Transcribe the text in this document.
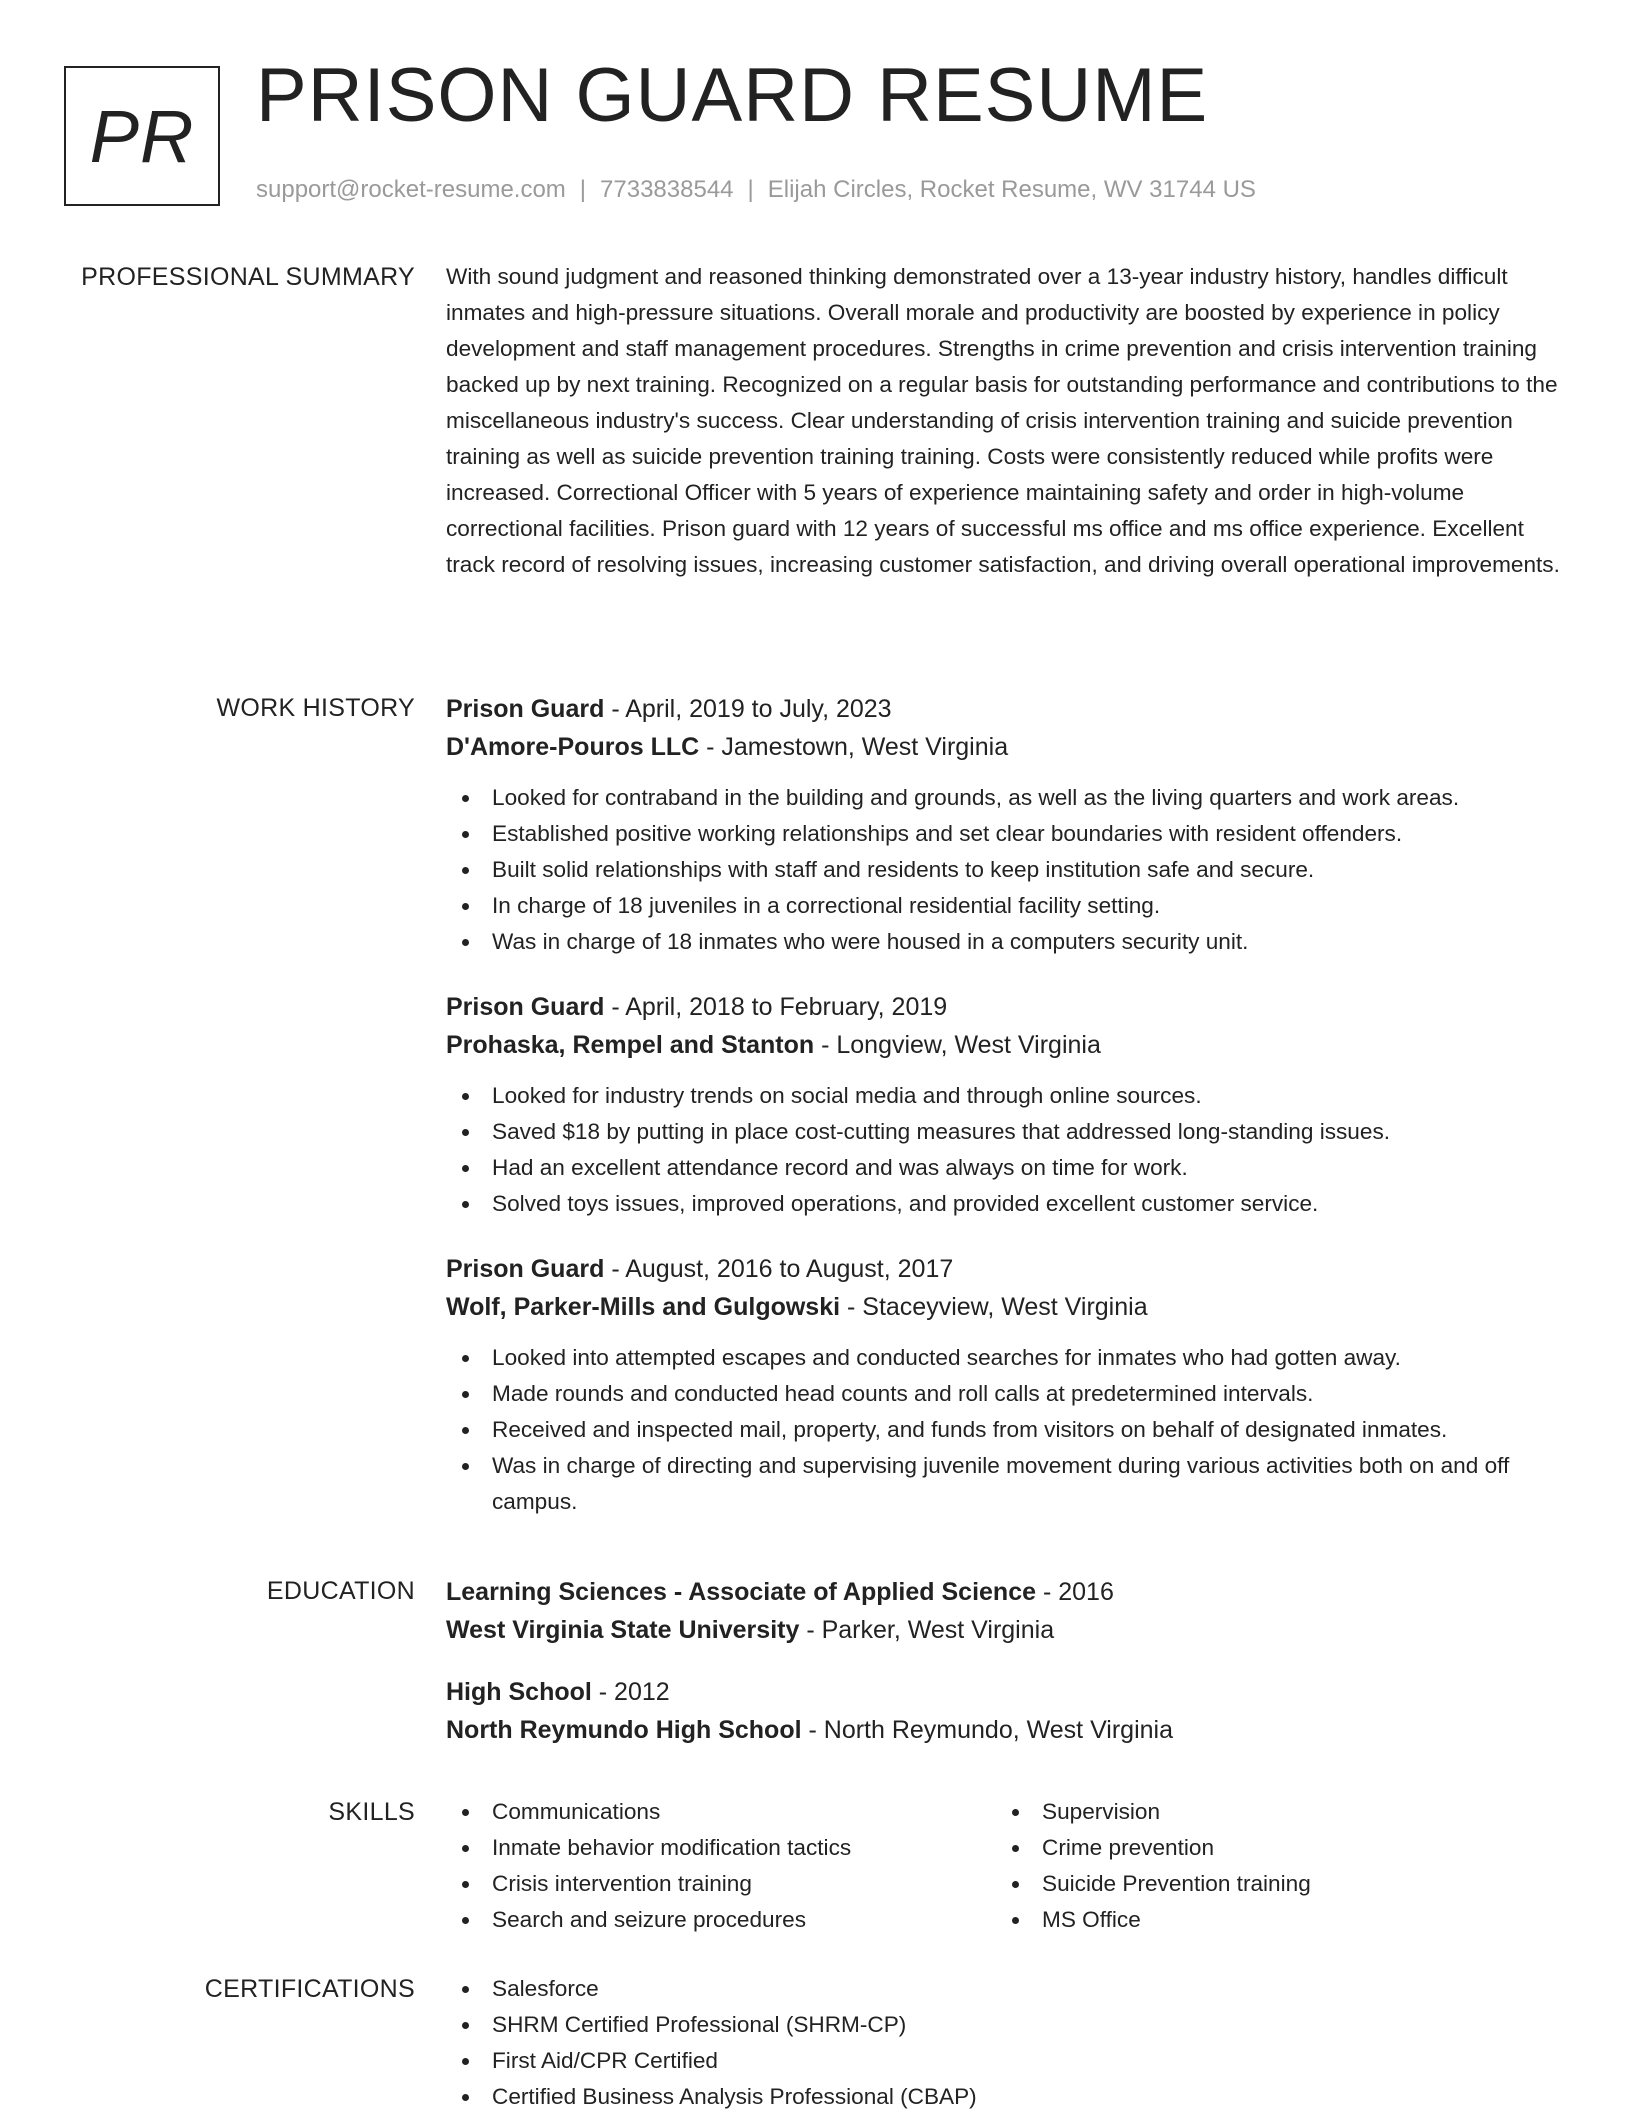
PR PRISON GUARD RESUME
support@rocket-resume.com | 7733838544 | Elijah Circles, Rocket Resume, WV 31744 US
PROFESSIONAL SUMMARY With sound judgment and reasoned thinking demonstrated over a 13-year industry history, handles difficult inmates and high-pressure situations. Overall morale and productivity are boosted by experience in policy development and staff management procedures. Strengths in crime prevention and crisis intervention training backed up by next training. Recognized on a regular basis for outstanding performance and contributions to the miscellaneous industry's success. Clear understanding of crisis intervention training and suicide prevention training as well as suicide prevention training training. Costs were consistently reduced while profits were increased. Correctional Officer with 5 years of experience maintaining safety and order in high-volume correctional facilities. Prison guard with 12 years of successful ms office and ms office experience. Excellent track record of resolving issues, increasing customer satisfaction, and driving overall operational improvements.

WORK HISTORY Prison Guard - April, 2019 to July, 2023
D'Amore-Pouros LLC - Jamestown, West Virginia
Looked for contraband in the building and grounds, as well as the living quarters and work areas.
Established positive working relationships and set clear boundaries with resident offenders.
Built solid relationships with staff and residents to keep institution safe and secure.
In charge of 18 juveniles in a correctional residential facility setting.
Was in charge of 18 inmates who were housed in a computers security unit.
Prison Guard - April, 2018 to February, 2019
Prohaska, Rempel and Stanton - Longview, West Virginia
Looked for industry trends on social media and through online sources.
Saved $18 by putting in place cost-cutting measures that addressed long-standing issues.
Had an excellent attendance record and was always on time for work.
Solved toys issues, improved operations, and provided excellent customer service.
Prison Guard - August, 2016 to August, 2017
Wolf, Parker-Mills and Gulgowski - Staceyview, West Virginia
Looked into attempted escapes and conducted searches for inmates who had gotten away.
Made rounds and conducted head counts and roll calls at predetermined intervals.
Received and inspected mail, property, and funds from visitors on behalf of designated inmates.
Was in charge of directing and supervising juvenile movement during various activities both on and off campus.
EDUCATION Learning Sciences - Associate of Applied Science - 2016
West Virginia State University - Parker, West Virginia
High School - 2012
North Reymundo High School - North Reymundo, West Virginia
SKILLS	Communications
Inmate behavior modification tactics
Crisis intervention training
Search and seizure procedures
Supervision
Crime prevention
Suicide Prevention training
MS Office
CERTIFICATIONS	Salesforce
SHRM Certified Professional (SHRM-CP)
First Aid/CPR Certified
Certified Business Analysis Professional (CBAP)
